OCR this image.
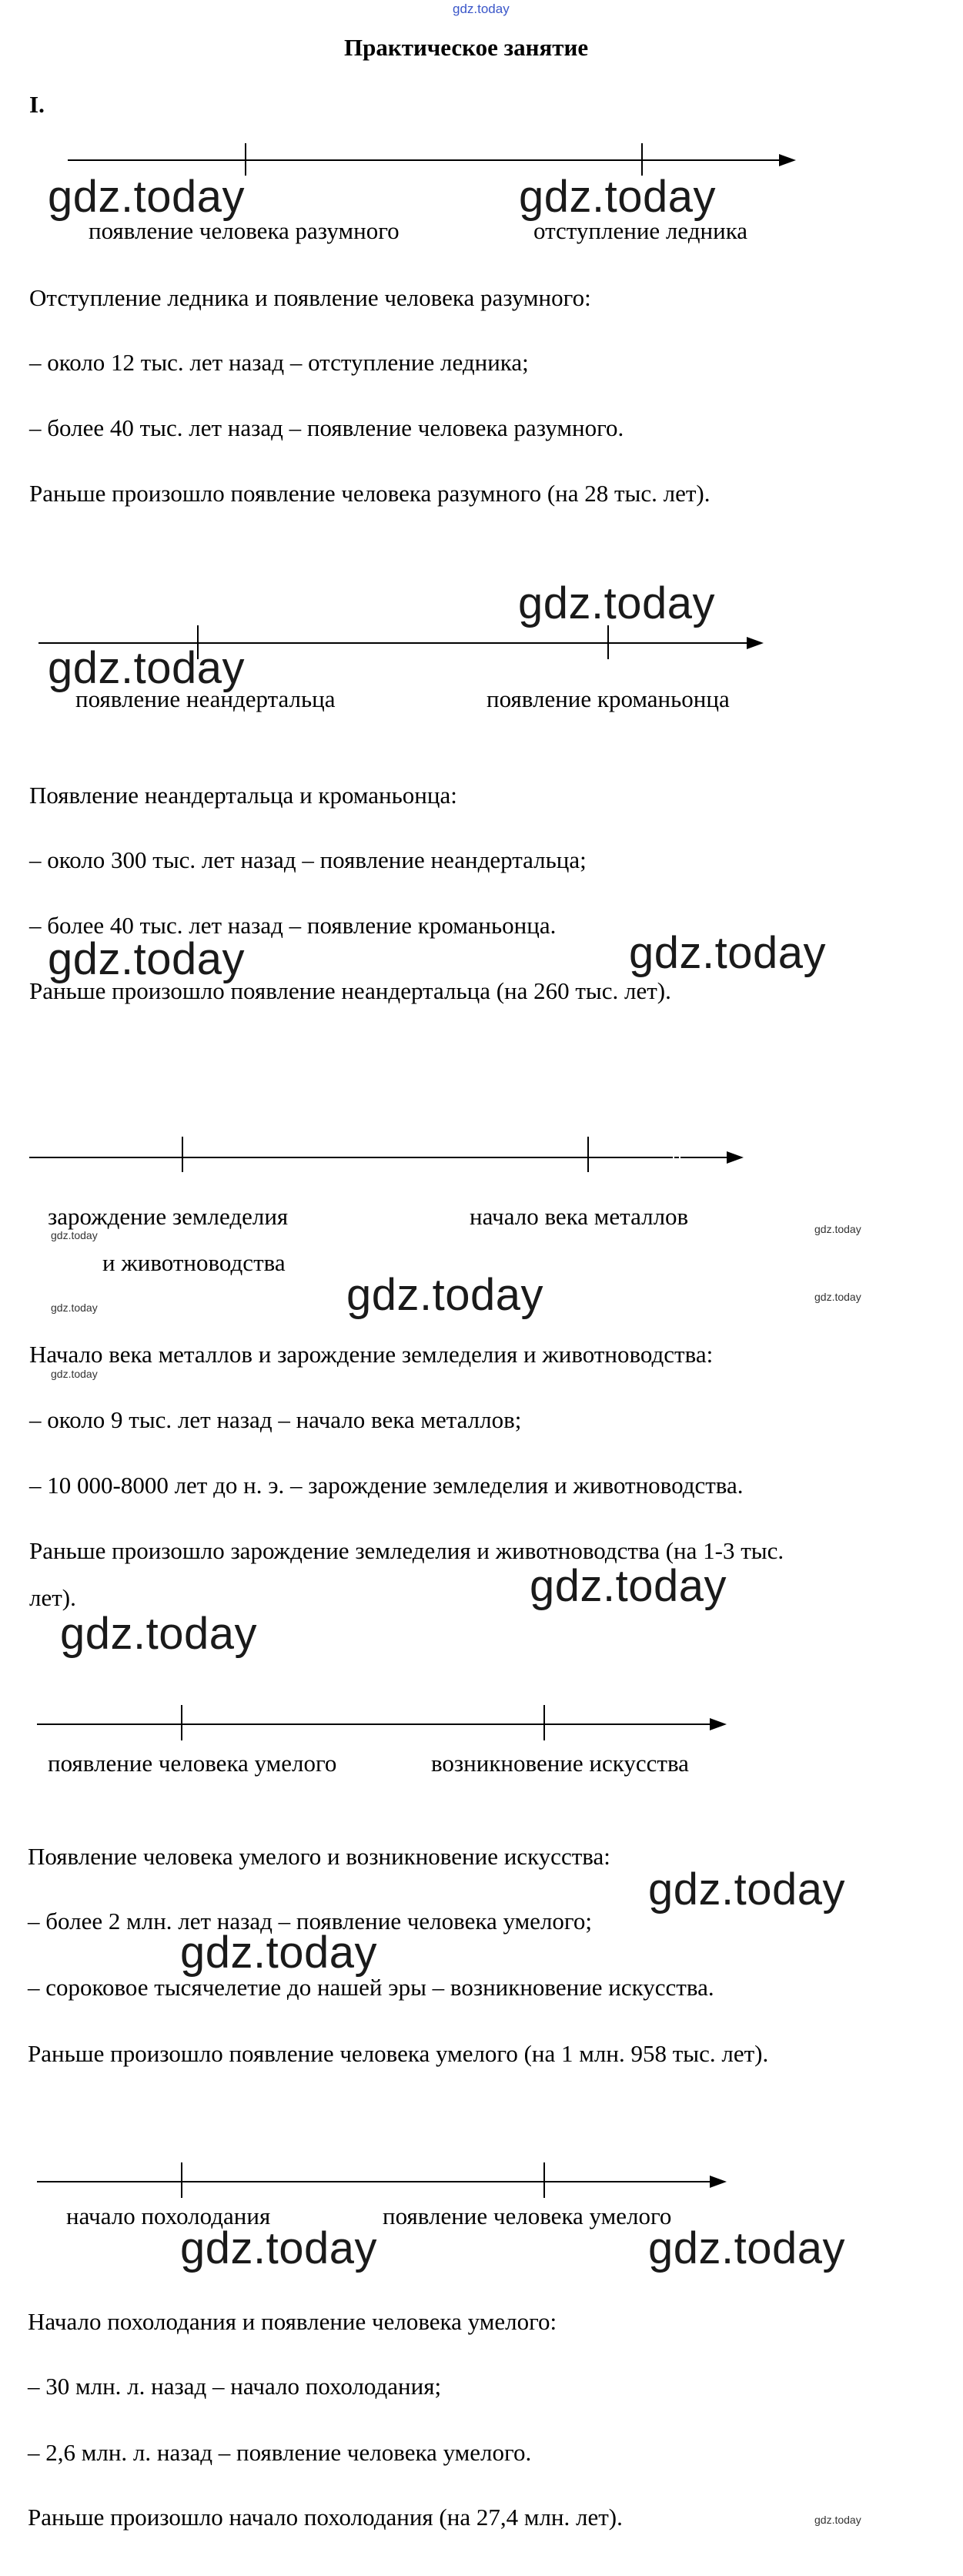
gdz.today
Практическое занятие
I.
появление человека разумного	отступление ледника
gdz.today	gdz.today
Отступление ледника и появление человека разумного:
– около 12 тыс. лет назад – отступление ледника;
– более 40 тыс. лет назад – появление человека разумного.
Раньше произошло появление человека разумного (на 28 тыс. лет).
появление неандертальца	появление кроманьонца
gdz.today
gdz.today
Появление неандертальца и кроманьонца:
– около 300 тыс. лет назад – появление неандертальца;
– более 40 тыс. лет назад – появление кроманьонца.
Раньше произошло появление неандертальца (на 260 тыс. лет).
gdz.today	gdz.today
зарождение земледелия	начало века металлов
и животноводства
gdz.today
gdz.today
gdz.today
gdz.today
gdz.today
Начало века металлов и зарождение земледелия и животноводства:
gdz.today
– около 9 тыс. лет назад – начало века металлов;
– 10 000-8000 лет до н. э. – зарождение земледелия и животноводства.
Раньше произошло зарождение земледелия и животноводства (на 1-3 тыс.
лет).	gdz.today
gdz.today
появление человека умелого	возникновение искусства
Появление человека умелого и возникновение искусства:
– более 2 млн. лет назад – появление человека умелого;
– сороковое тысячелетие до нашей эры – возникновение искусства.
Раньше произошло появление человека умелого (на 1 млн. 958 тыс. лет).
gdz.today
gdz.today
начало похолодания	появление человека умелого
gdz.today	gdz.today
Начало похолодания и появление человека умелого:
– 30 млн. л. назад – начало похолодания;
– 2,6 млн. л. назад – появление человека умелого.
Раньше произошло начало похолодания (на 27,4 млн. лет).	gdz.today
